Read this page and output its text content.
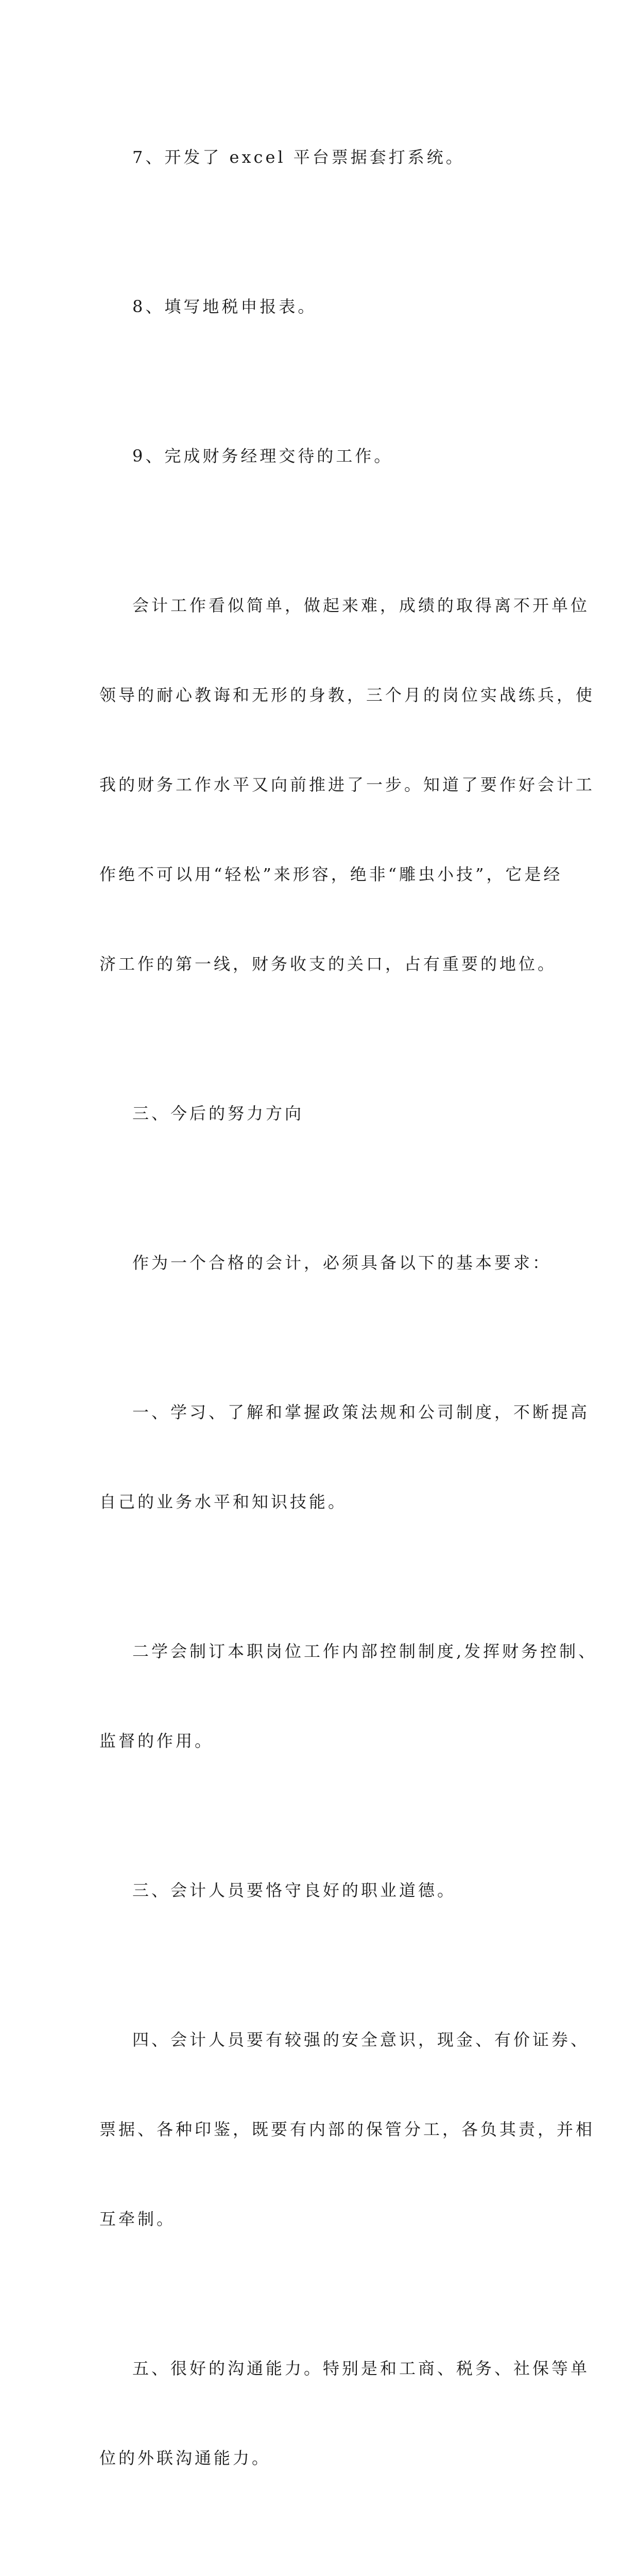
7、开发了 excel 平台票据套打系统。

8、填写地税申报表。

9、完成财务经理交待的工作。

会计工作看似简单，做起来难，成绩的取得离不开单位

领导的耐心教诲和无形的身教，三个月的岗位实战练兵，使

我的财务工作水平又向前推进了一步。知道了要作好会计工

作绝不可以用“轻松”来形容，绝非“雕虫小技”，它是经

济工作的第一线，财务收支的关口，占有重要的地位。

三、今后的努力方向

作为一个合格的会计，必须具备以下的基本要求：

一、学习、了解和掌握政策法规和公司制度，不断提高

自己的业务水平和知识技能。

二学会制订本职岗位工作内部控制制度,发挥财务控制、

监督的作用。

三、会计人员要恪守良好的职业道德。

四、会计人员要有较强的安全意识，现金、有价证券、

票据、各种印鉴，既要有内部的保管分工，各负其责，并相

互牵制。

五、很好的沟通能力。特别是和工商、税务、社保等单

位的外联沟通能力。
